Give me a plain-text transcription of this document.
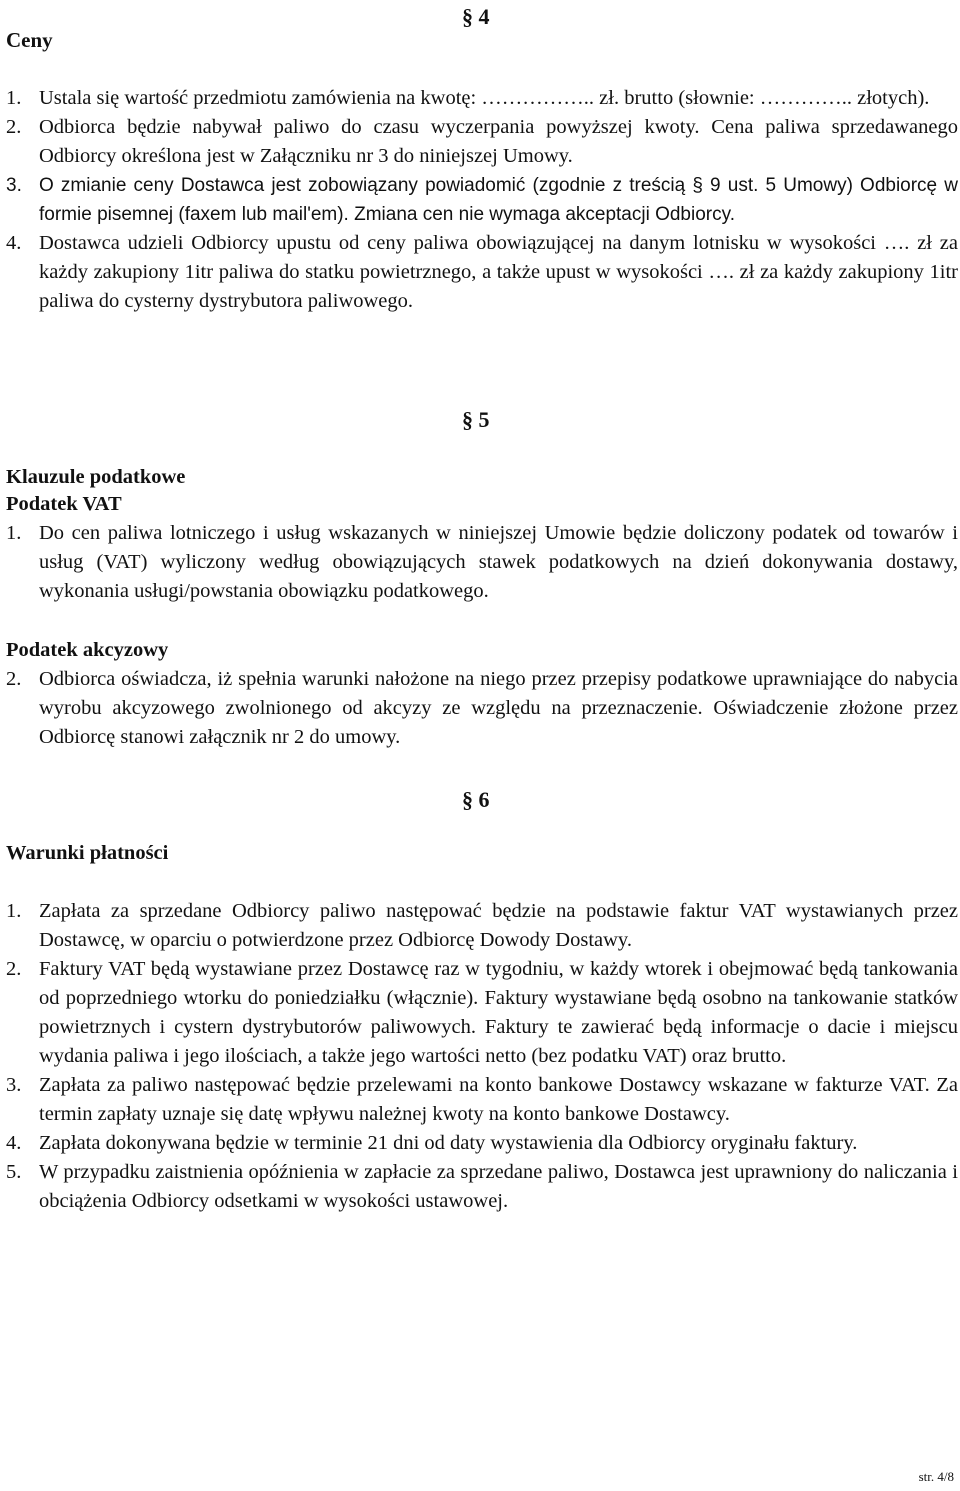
§ 4
Ceny
1. Ustala się wartość przedmiotu zamówienia na kwotę: …………….. zł. brutto (słownie: ………….. złotych).
2. Odbiorca będzie nabywał paliwo do czasu wyczerpania powyższej kwoty. Cena paliwa sprzedawanego Odbiorcy określona jest w Załączniku nr 3 do niniejszej Umowy.
3. O zmianie ceny Dostawca jest zobowiązany powiadomić (zgodnie z treścią § 9 ust. 5 Umowy) Odbiorcę w formie pisemnej (faxem lub mail'em). Zmiana cen nie wymaga akceptacji Odbiorcy.
4. Dostawca udzieli Odbiorcy upustu od ceny paliwa obowiązującej na danym lotnisku w wysokości …. zł za każdy zakupiony 1itr paliwa do statku powietrznego, a także upust w wysokości …. zł za każdy zakupiony 1itr paliwa do cysterny dystrybutora paliwowego.
§ 5
Klauzule podatkowe
Podatek VAT
1. Do cen paliwa lotniczego i usług wskazanych w niniejszej Umowie będzie doliczony podatek od towarów i usług (VAT) wyliczony według obowiązujących stawek podatkowych na dzień dokonywania dostawy, wykonania usługi/powstania obowiązku podatkowego.
Podatek akcyzowy
2. Odbiorca oświadcza, iż spełnia warunki nałożone na niego przez przepisy podatkowe uprawniające do nabycia wyrobu akcyzowego zwolnionego od akcyzy ze względu na przeznaczenie. Oświadczenie złożone przez Odbiorcę stanowi załącznik nr 2 do umowy.
§ 6
Warunki płatności
1. Zapłata za sprzedane Odbiorcy paliwo następować będzie na podstawie faktur VAT wystawianych przez Dostawcę, w oparciu o potwierdzone przez Odbiorcę Dowody Dostawy.
2. Faktury VAT będą wystawiane przez Dostawcę raz w tygodniu, w każdy wtorek i obejmować będą tankowania od poprzedniego wtorku do poniedziałku (włącznie). Faktury wystawiane będą osobno na tankowanie statków powietrznych i cystern dystrybutorów paliwowych. Faktury te zawierać będą informacje o dacie i miejscu wydania paliwa i jego ilościach, a także jego wartości netto (bez podatku VAT) oraz brutto.
3. Zapłata za paliwo następować będzie przelewami na konto bankowe Dostawcy wskazane w fakturze VAT. Za termin zapłaty uznaje się datę wpływu należnej kwoty na konto bankowe Dostawcy.
4. Zapłata dokonywana będzie w terminie 21 dni od daty wystawienia dla Odbiorcy oryginału faktury.
5. W przypadku zaistnienia opóźnienia w zapłacie za sprzedane paliwo, Dostawca jest uprawniony do naliczania i obciążenia Odbiorcy odsetkami w wysokości ustawowej.
str. 4/8
